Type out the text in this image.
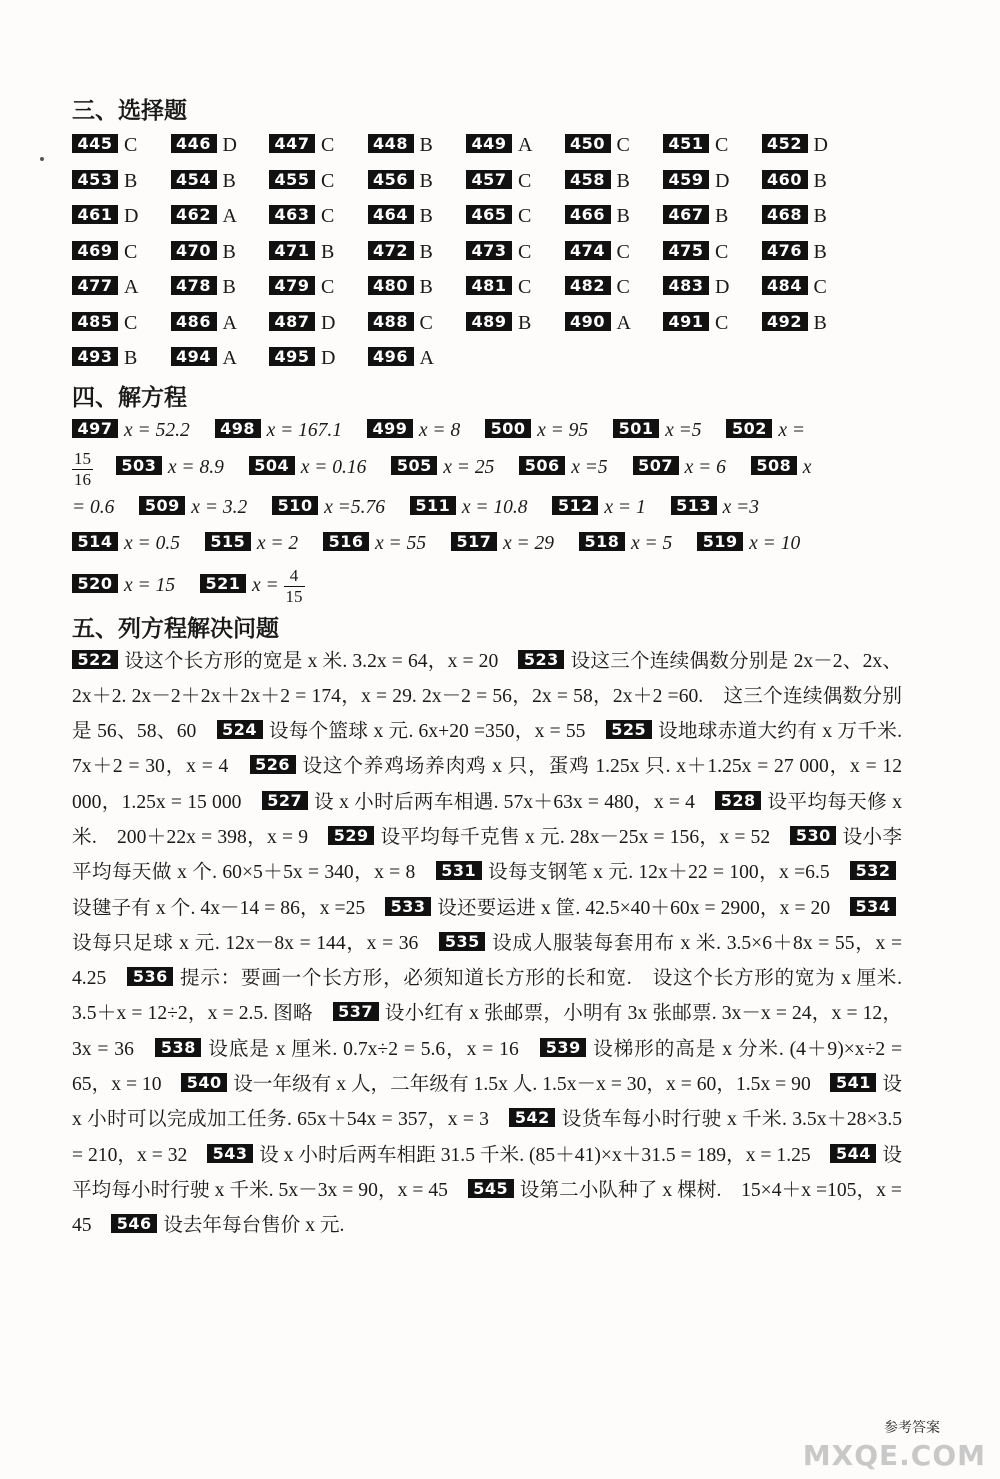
三、选择题
445 C	446 D	447 C	448 B	449 A	450 C	451 C	452 D
453 B	454 B	455 C	456 B	457 C	458 B	459 D	460 B
461 D	462 A	463 C	464 B	465 C	466 B	467 B	468 B
469 C	470 B	471 B	472 B	473 C	474 C	475 C	476 B
477 A	478 B	479 C	480 B	481 C	482 C	483 D	484 C
485 C	486 A	487 D	488 C	489 B	490 A	491 C	492 B
493 B	494 A	495 D	496 A
四、解方程
497 x = 52.2 498 x = 167.1 499 x = 8 500 x = 95 501 x =5 502 x =
$\frac{15}{16} 503$ x = 8.9 504 x = 0.16 505 x = 25 506 x =5 507 x = 6 508 x
= 0.6 509 x = 3.2 510 x =5.76 511 x = 10.8 512 x = 1 513 x =3
514 x = 0.5 515 x = 2 516 x = 55 517 x = 29 518 x = 5 519 x = 10
520 x = 15 521 $x = \frac{4}{15}$
五、列方程解决问题
522 设这个长方形的宽是 x 米. 3.2x = 64，x = 20　 523 设这三个连续偶数分别是 2x－2、2x、2x＋2. 2x－2＋2x＋2x＋2 = 174，x = 29. 2x－2 = 56，2x = 58，2x＋2 =60.　这三个连续偶数分别是 56、58、60　 524 设每个篮球 x 元. 6x+20 =350，x = 55　 525 设地球赤道大约有 x 万千米. 7x＋2 = 30，x = 4　 526 设这个养鸡场养肉鸡 x 只，蛋鸡 1.25x 只. x＋1.25x = 27 000，x = 12 000，1.25x = 15 000　 527 设 x 小时后两车相遇. 57x＋63x = 480，x = 4　 528 设平均每天修 x 米.　200＋22x = 398，x = 9　 529 设平均每千克售 x 元. 28x－25x = 156，x = 52　 530 设小李平均每天做 x 个. 60×5＋5x = 340，x = 8　 531 设每支钢笔 x 元. 12x＋22 = 100，x =6.5　 532设毽子有 x 个. 4x－14 = 86，x =25　 533 设还要运进 x 筐. 42.5×40＋60x = 2900，x = 20　 534设每只足球 x 元. 12x－8x = 144，x = 36　 535 设成人服装每套用布 x 米. 3.5×6＋8x = 55，x = 4.25　 536 提示：要画一个长方形，必须知道长方形的长和宽.　设这个长方形的宽为 x 厘米. 3.5＋x = 12÷2，x = 2.5. 图略　 537 设小红有 x 张邮票，小明有 3x 张邮票. 3x－x = 24，x = 12，3x = 36　 538 设底是 x 厘米. 0.7x÷2 = 5.6，x = 16　 539 设梯形的高是 x 分米. (4＋9)×x÷2 = 65，x = 10　 540 设一年级有 x 人，二年级有 1.5x 人. 1.5x－x = 30，x = 60，1.5x = 90　 541 设 x 小时可以完成加工任务. 65x＋54x = 357，x = 3　 542 设货车每小时行驶 x 千米. 3.5x＋28×3.5 = 210，x = 32　 543 设 x 小时后两车相距 31.5 千米. (85＋41)×x＋31.5 = 189，x = 1.25　 544 设平均每小时行驶 x 千米. 5x－3x = 90，x = 45　 545 设第二小队种了 x 棵树.　15×4＋x =105，x = 45　 546 设去年每台售价 x 元.　
参考答案
MXQE.COM
